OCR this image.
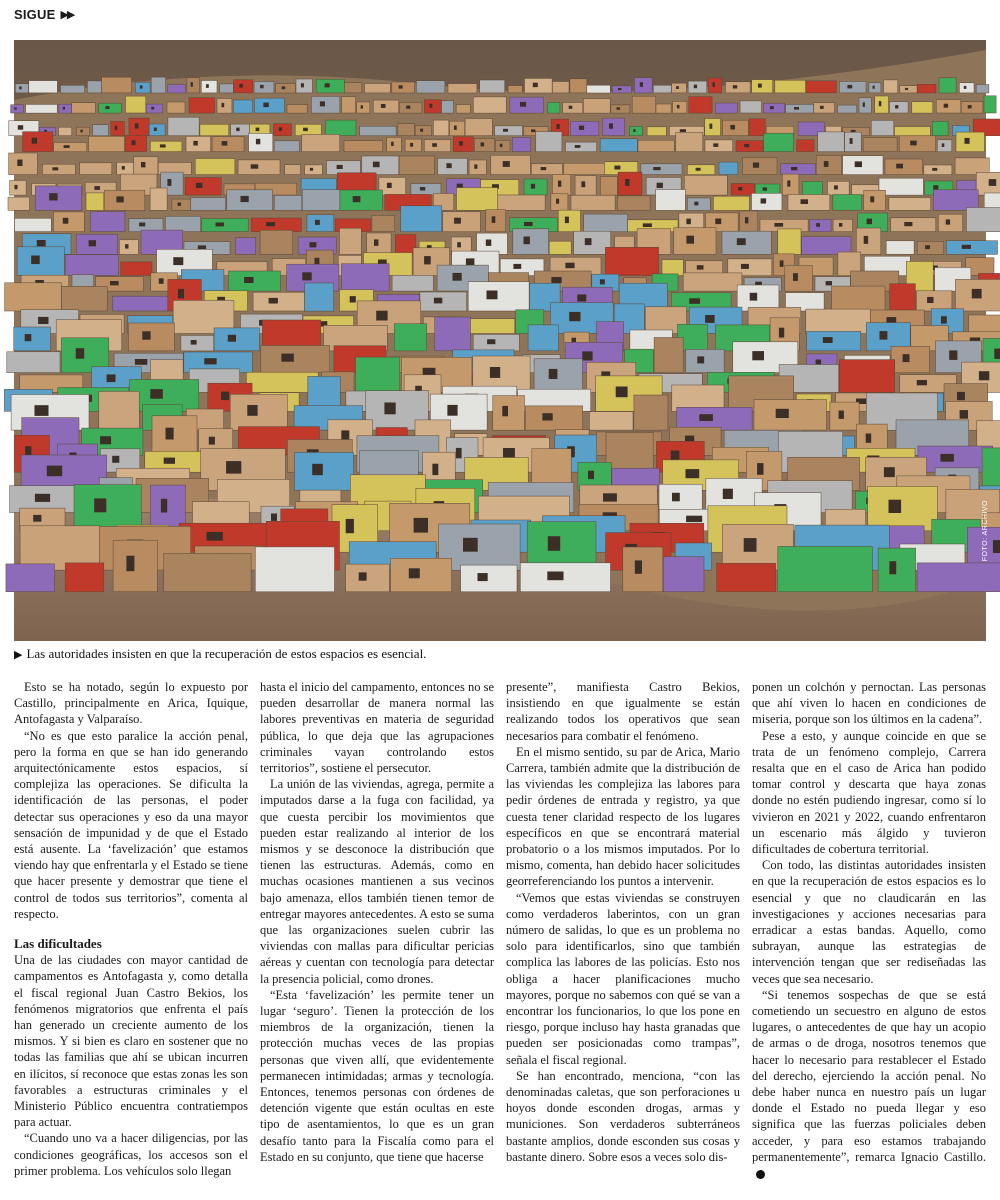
SIGUE ▶▶
FOTO: ARCHIVO
▶ Las autoridades insisten en que la recuperación de estos espacios es esencial.

Esto se ha notado, según lo expuesto por Castillo, principalmente en Arica, Iquique, Antofagasta y Valparaíso.

“No es que esto paralice la acción penal, pero la forma en que se han ido generando arquitectónicamente estos espacios, sí complejiza las operaciones. Se dificulta la identificación de las personas, el poder detectar sus operaciones y eso da una mayor sensación de impunidad y de que el Estado está ausente. La ‘favelización’ que estamos viendo hay que enfrentarla y el Estado se tiene que hacer presente y demostrar que tiene el control de todos sus territorios”, comenta al respecto.

Las dificultades

Una de las ciudades con mayor cantidad de campamentos es Antofagasta y, como detalla el fiscal regional Juan Castro Bekios, los fenómenos migratorios que enfrenta el país han generado un creciente aumento de los mismos. Y si bien es claro en sostener que no todas las familias que ahí se ubican incurren en ilícitos, sí reconoce que estas zonas les son favorables a estructuras criminales y el Ministerio Público encuentra contratiempos para actuar.

“Cuando uno va a hacer diligencias, por las condiciones geográficas, los accesos son el primer problema. Los vehículos solo llegan

hasta el inicio del campamento, entonces no se pueden desarrollar de manera normal las labores preventivas en materia de seguridad pública, lo que deja que las agrupaciones criminales vayan controlando estos territorios”, sostiene el persecutor.

La unión de las viviendas, agrega, permite a imputados darse a la fuga con facilidad, ya que cuesta percibir los movimientos que pueden estar realizando al interior de los mismos y se desconoce la distribución que tienen las estructuras. Además, como en muchas ocasiones mantienen a sus vecinos bajo amenaza, ellos también tienen temor de entregar mayores antecedentes. A esto se suma que las organizaciones suelen cubrir las viviendas con mallas para dificultar pericias aéreas y cuentan con tecnología para detectar la presencia policial, como drones.

“Esta ‘favelización’ les permite tener un lugar ‘seguro’. Tienen la protección de los miembros de la organización, tienen la protección muchas veces de las propias personas que viven allí, que evidentemente permanecen intimidadas; armas y tecnología. Entonces, tenemos personas con órdenes de detención vigente que están ocultas en este tipo de asentamientos, lo que es un gran desafío tanto para la Fiscalía como para el Estado en su conjunto, que tiene que hacerse

presente”, manifiesta Castro Bekios, insistiendo en que igualmente se están realizando todos los operativos que sean necesarios para combatir el fenómeno.

En el mismo sentido, su par de Arica, Mario Carrera, también admite que la distribución de las viviendas les complejiza las labores para pedir órdenes de entrada y registro, ya que cuesta tener claridad respecto de los lugares específicos en que se encontrará material probatorio o a los mismos imputados. Por lo mismo, comenta, han debido hacer solicitudes georreferenciando los puntos a intervenir.

“Vemos que estas viviendas se construyen como verdaderos laberintos, con un gran número de salidas, lo que es un problema no solo para identificarlos, sino que también complica las labores de las policías. Esto nos obliga a hacer planificaciones mucho mayores, porque no sabemos con qué se van a encontrar los funcionarios, lo que los pone en riesgo, porque incluso hay hasta granadas que pueden ser posicionadas como trampas”, señala el fiscal regional.

Se han encontrado, menciona, “con las denominadas caletas, que son perforaciones u hoyos donde esconden drogas, armas y municiones. Son verdaderos subterráneos bastante amplios, donde esconden sus cosas y bastante dinero. Sobre esos a veces solo dis-

ponen un colchón y pernoctan. Las personas que ahí viven lo hacen en condiciones de miseria, porque son los últimos en la cadena”.

Pese a esto, y aunque coincide en que se trata de un fenómeno complejo, Carrera resalta que en el caso de Arica han podido tomar control y descarta que haya zonas donde no estén pudiendo ingresar, como sí lo vivieron en 2021 y 2022, cuando enfrentaron un escenario más álgido y tuvieron dificultades de cobertura territorial.

Con todo, las distintas autoridades insisten en que la recuperación de estos espacios es lo esencial y que no claudicarán en las investigaciones y acciones necesarias para erradicar a estas bandas. Aquello, como subrayan, aunque las estrategias de intervención tengan que ser rediseñadas las veces que sea necesario.

“Si tenemos sospechas de que se está cometiendo un secuestro en alguno de estos lugares, o antecedentes de que hay un acopio de armas o de droga, nosotros tenemos que hacer lo necesario para restablecer el Estado del derecho, ejerciendo la acción penal. No debe haber nunca en nuestro país un lugar donde el Estado no pueda llegar y eso significa que las fuerzas policiales deben acceder, y para eso estamos trabajando permanentemente”, remarca Ignacio Castillo.
